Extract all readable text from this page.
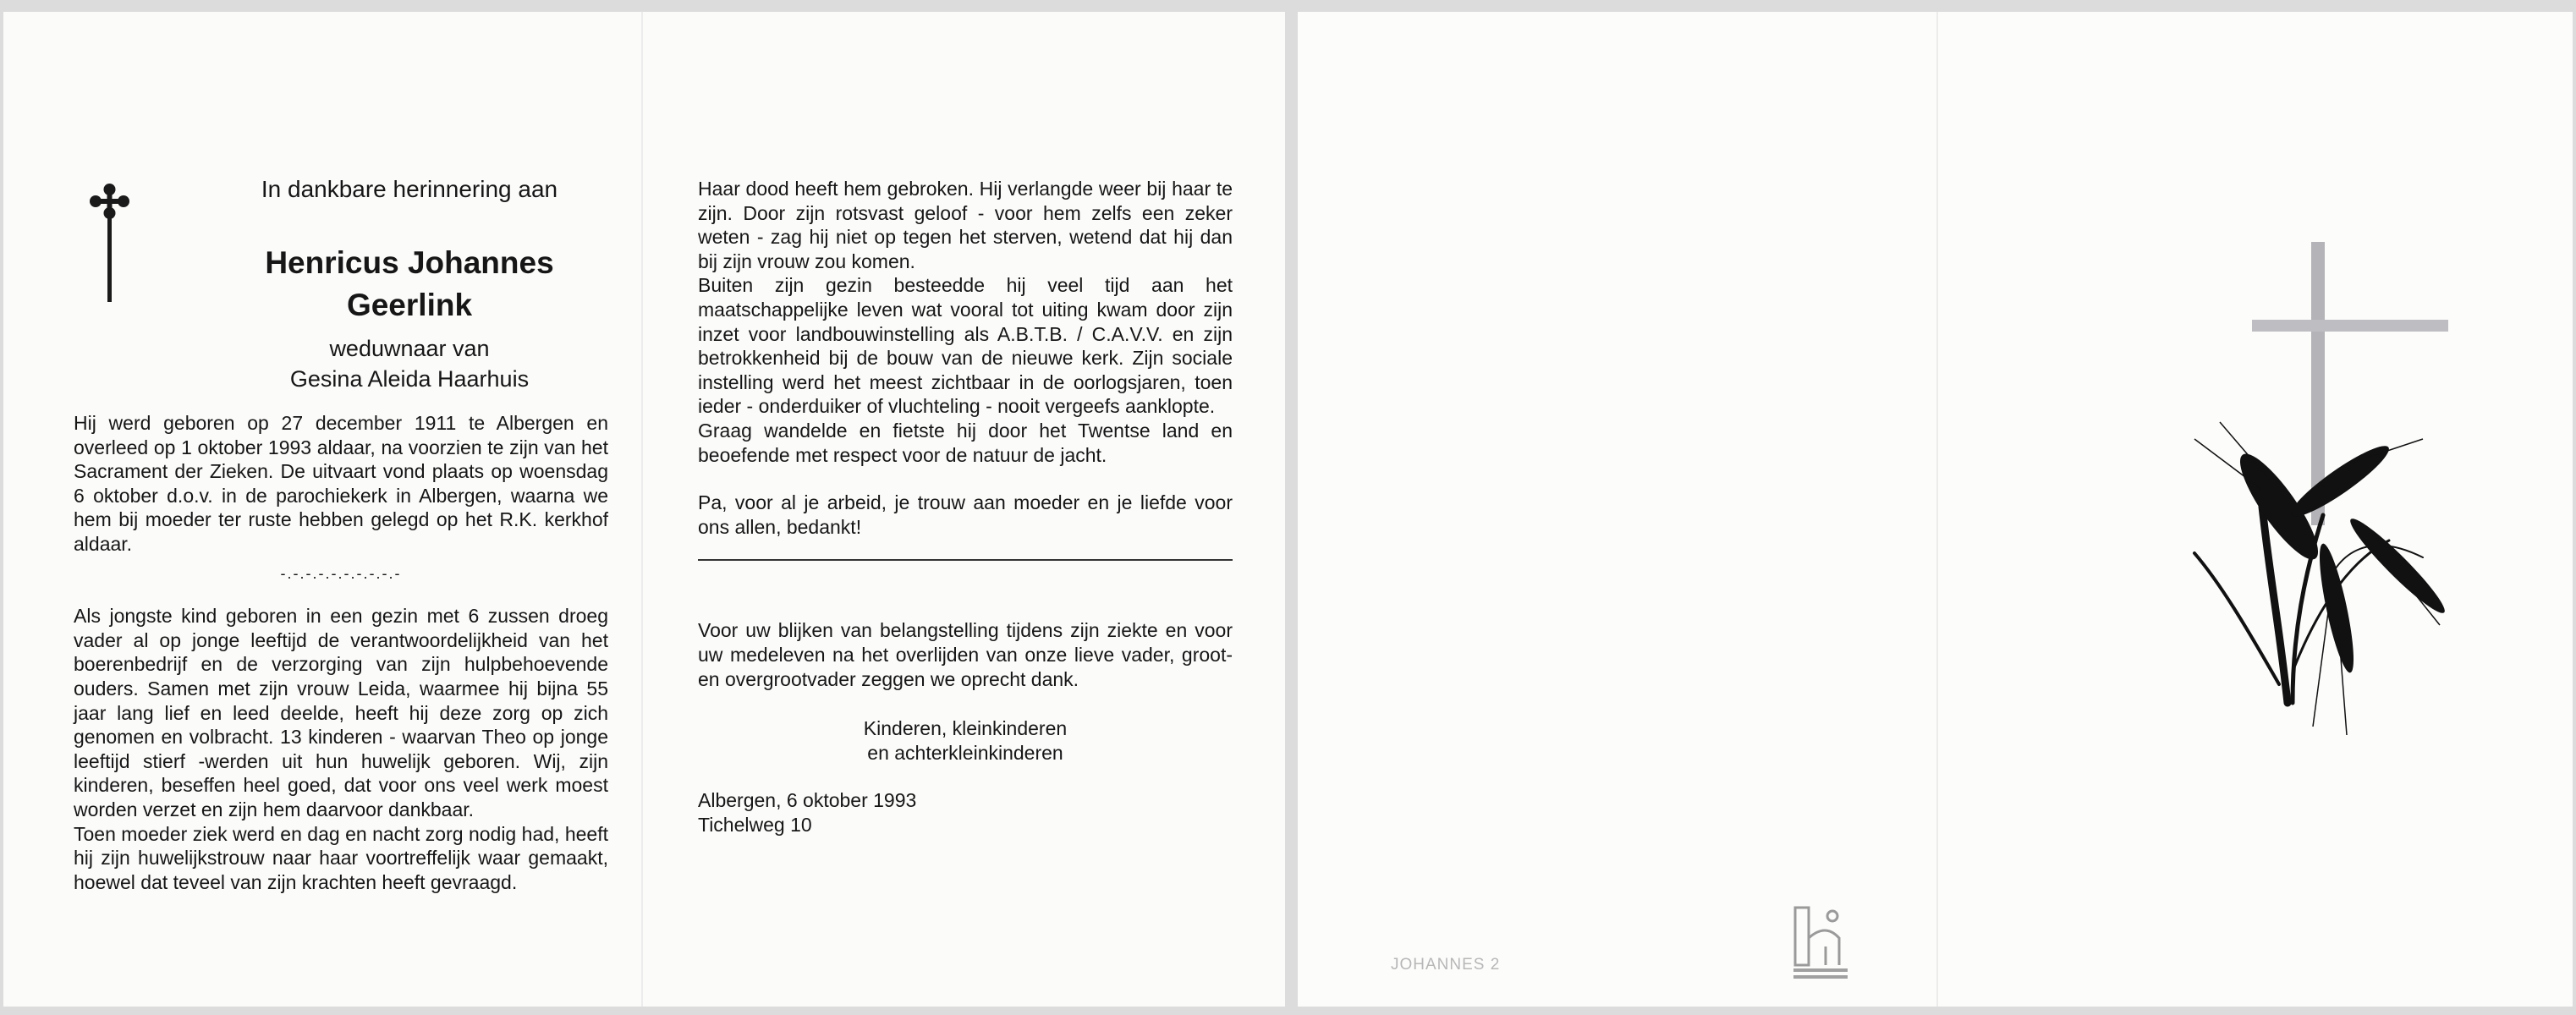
In dankbare herinnering aan
Henricus Johannes
Geerlink
weduwnaar van
Gesina Aleida Haarhuis

Hij werd geboren op 27 december 1911 te Albergen en overleed op 1 oktober 1993 aldaar, na voorzien te zijn van het Sacrament der Zieken. De uitvaart vond plaats op woensdag 6 oktober d.o.v. in de parochiekerk in Albergen, waarna we hem bij moeder ter ruste hebben gelegd op het R.K. kerkhof aldaar.

-.-.-.-.-.-.-.-.-.-

Als jongste kind geboren in een gezin met 6 zussen droeg vader al op jonge leeftijd de verantwoordelijkheid van het boerenbedrijf en de verzorging van zijn hulpbehoevende ouders. Samen met zijn vrouw Leida, waarmee hij bijna 55 jaar lang lief en leed deelde, heeft hij deze zorg op zich genomen en volbracht. 13 kinderen - waarvan Theo op jonge leeftijd stierf -werden uit hun huwelijk geboren. Wij, zijn kinderen, beseffen heel goed, dat voor ons veel werk moest worden verzet en zijn hem daarvoor dankbaar.

Toen moeder ziek werd en dag en nacht zorg nodig had, heeft hij zijn huwelijkstrouw naar haar voortreffelijk waar gemaakt, hoewel dat teveel van zijn krachten heeft gevraagd.

Haar dood heeft hem gebroken. Hij verlangde weer bij haar te zijn. Door zijn rotsvast geloof - voor hem zelfs een zeker weten - zag hij niet op tegen het sterven, wetend dat hij dan bij zijn vrouw zou komen.

Buiten zijn gezin besteedde hij veel tijd aan het maatschappelijke leven wat vooral tot uiting kwam door zijn inzet voor landbouwinstelling als A.B.T.B. / C.A.V.V. en zijn betrokkenheid bij de bouw van de nieuwe kerk. Zijn sociale instelling werd het meest zichtbaar in de oorlogsjaren, toen ieder - onderduiker of vluchteling - nooit vergeefs aanklopte.

Graag wandelde en fietste hij door het Twentse land en beoefende met respect voor de natuur de jacht.

Pa, voor al je arbeid, je trouw aan moeder en je liefde voor ons allen, bedankt!

Voor uw blijken van belangstelling tijdens zijn ziekte en voor uw medeleven na het overlijden van onze lieve vader, groot- en overgrootvader zeggen we oprecht dank.

Kinderen, kleinkinderen
en achterkleinkinderen
Albergen, 6 oktober 1993
Tichelweg 10
JOHANNES 2
